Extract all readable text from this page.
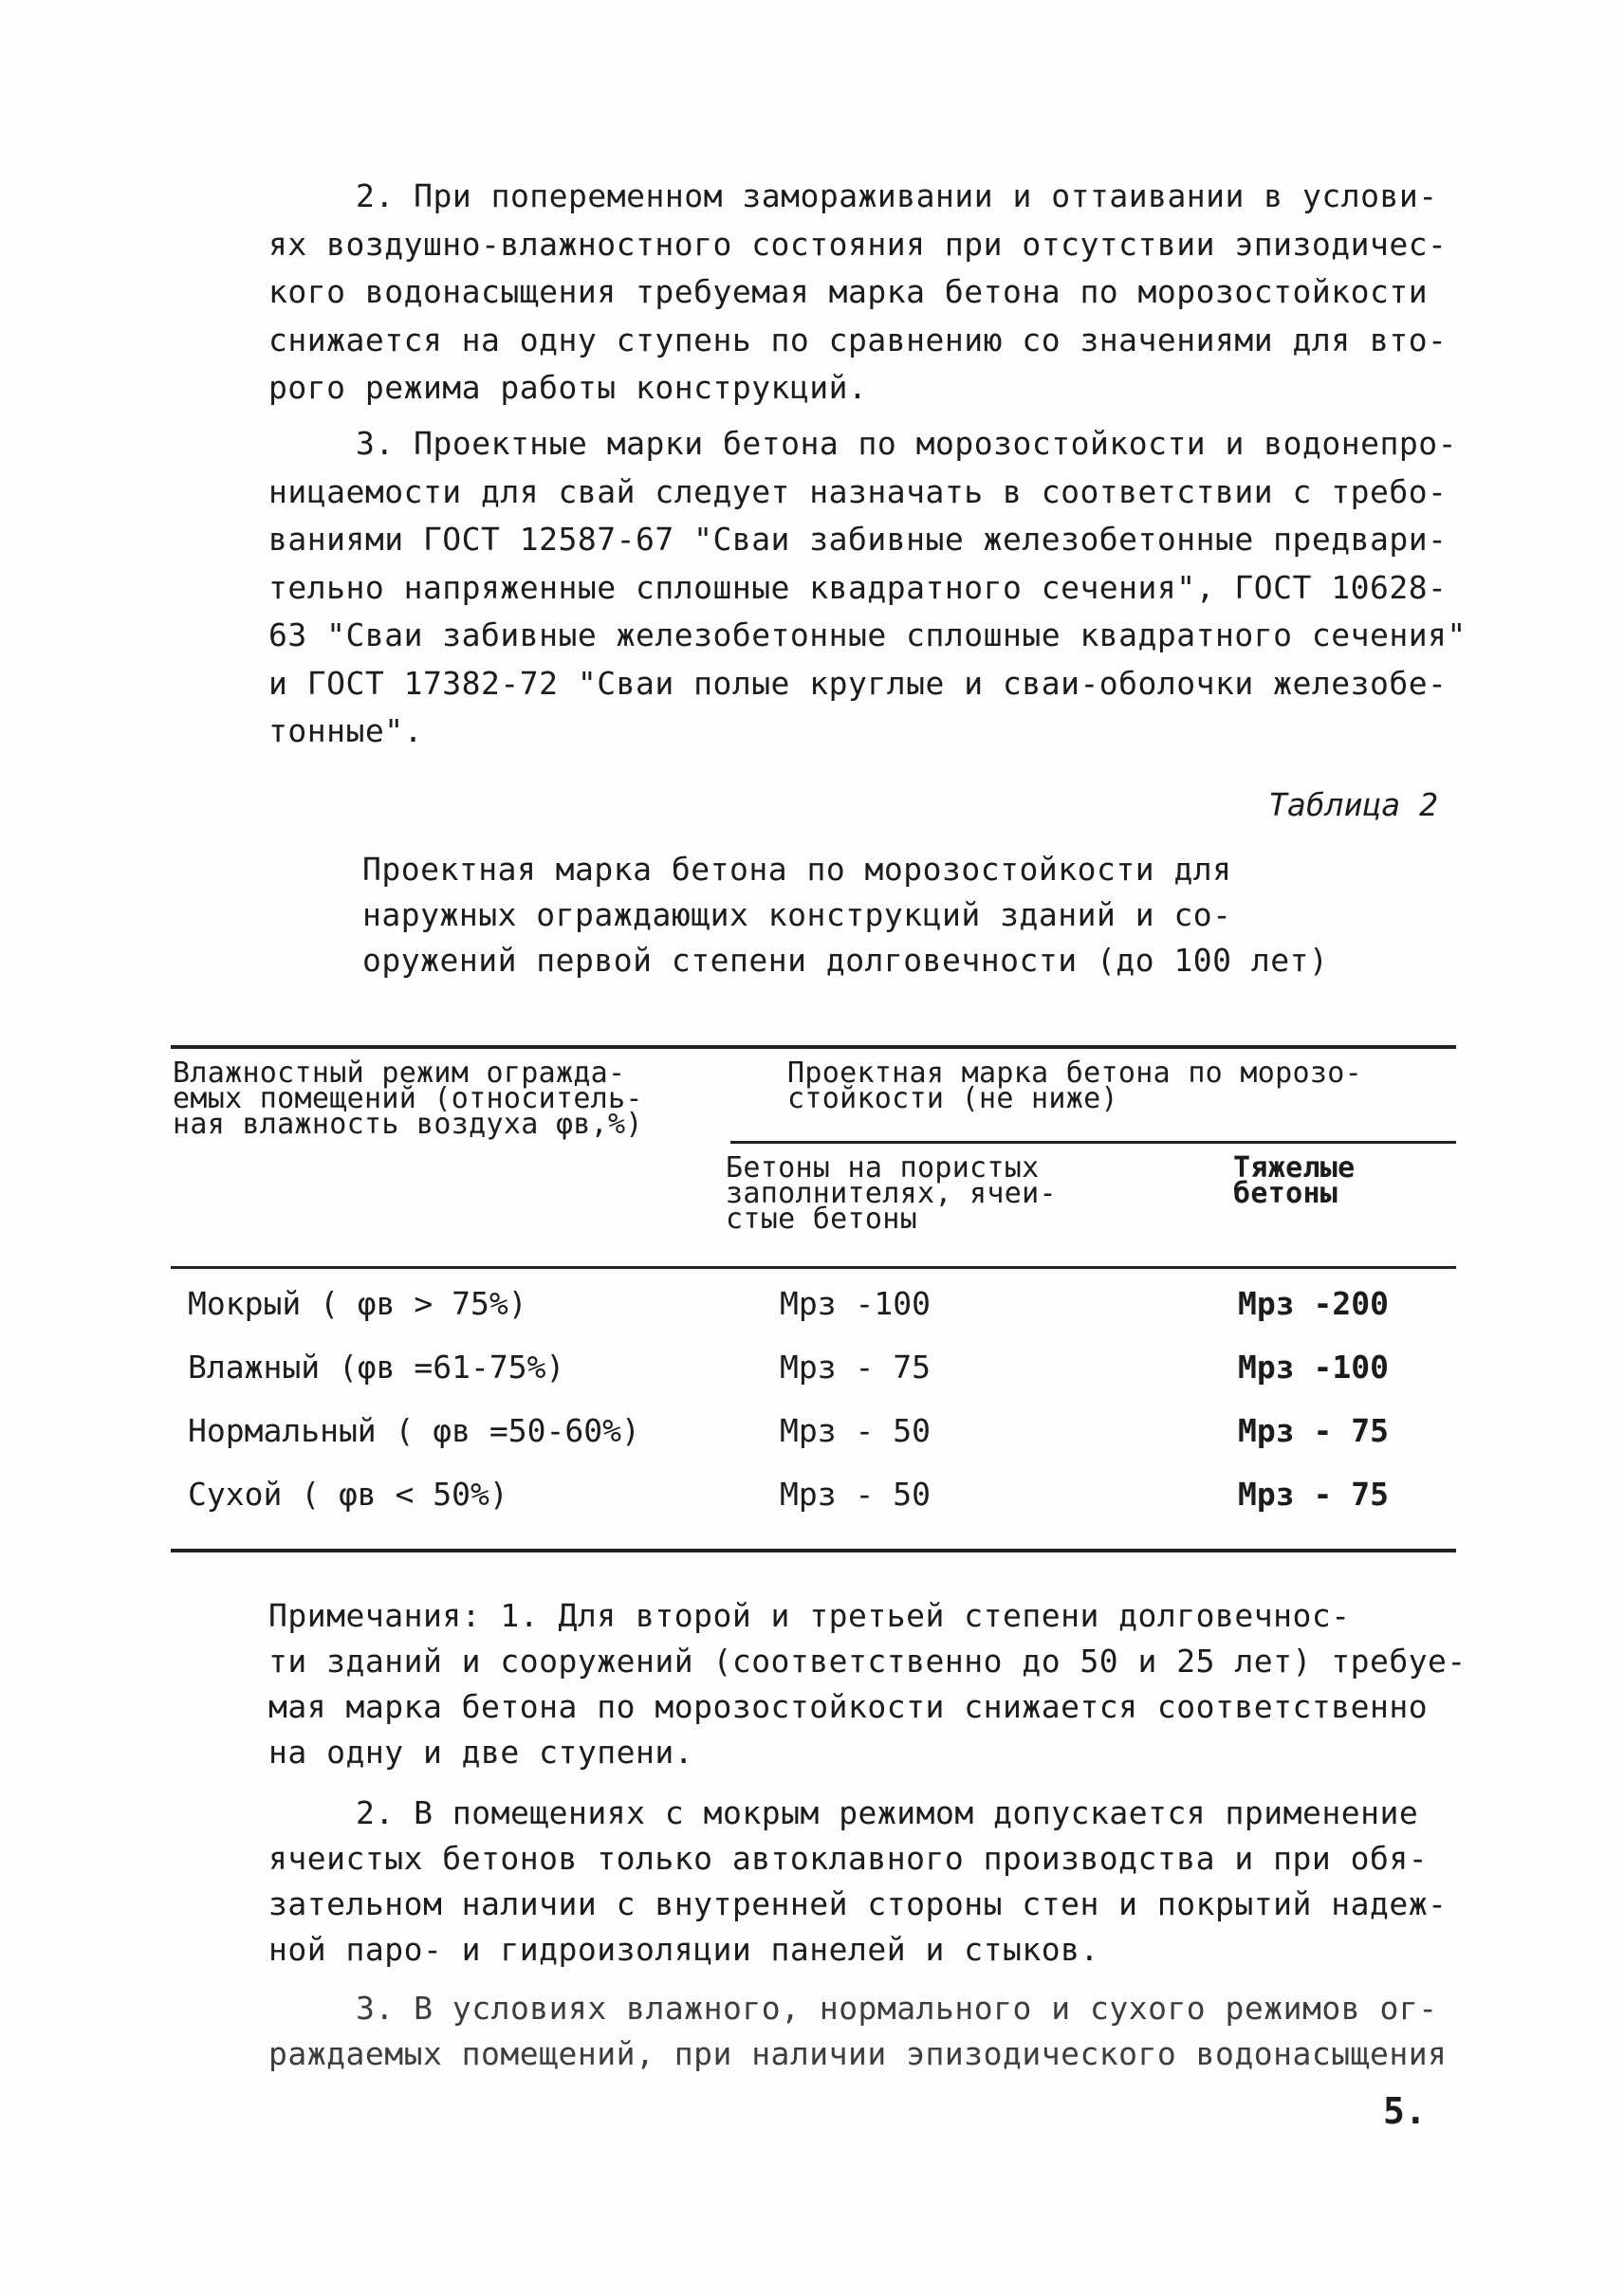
2. При попеременном замораживании и оттаивании в услови-
ях воздушно-влажностного состояния при отсутствии эпизодичес-
кого водонасыщения требуемая марка бетона по морозостойкости
снижается на одну ступень по сравнению со значениями для вто-
рого режима работы конструкций.

3. Проектные марки бетона по морозостойкости и водонепро-
ницаемости для свай следует назначать в соответствии с требо-
ваниями ГОСТ 12587-67 "Сваи забивные железобетонные предвари-
тельно напряженные сплошные квадратного сечения", ГОСТ 10628-
63 "Сваи забивные железобетонные сплошные квадратного сечения"
и ГОСТ 17382-72 "Сваи полые круглые и сваи-оболочки железобе-
тонные".

Таблица 2

Проектная марка бетона по морозостойкости для
наружных ограждающих конструкций зданий и со-
оружений первой степени долговечности (до 100 лет)

Влажностный режим огражда-
емых помещений (относитель-
ная влажность воздуха φв,%)
Проектная марка бетона по морозо-
стойкости (не ниже)
Бетоны на пористых
заполнителях, ячеи-
стые бетоны
Тяжелые
бетоны
Мокрый ( φв > 75%)	Мрз -100	Мрз -200
Влажный (φв =61-75%)	Мрз - 75	Мрз -100
Нормальный ( φв =50-60%)	Мрз - 50	Мрз - 75
Сухой ( φв < 50%)	Мрз - 50	Мрз - 75

Примечания: 1. Для второй и третьей степени долговечнос-
ти зданий и сооружений (соответственно до 50 и 25 лет) требуе-
мая марка бетона по морозостойкости снижается соответственно
на одну и две ступени.

2. В помещениях с мокрым режимом допускается применение
ячеистых бетонов только автоклавного производства и при обя-
зательном наличии с внутренней стороны стен и покрытий надеж-
ной паро- и гидроизоляции панелей и стыков.

3. В условиях влажного, нормального и сухого режимов ог-
раждаемых помещений, при наличии эпизодического водонасыщения

5.
